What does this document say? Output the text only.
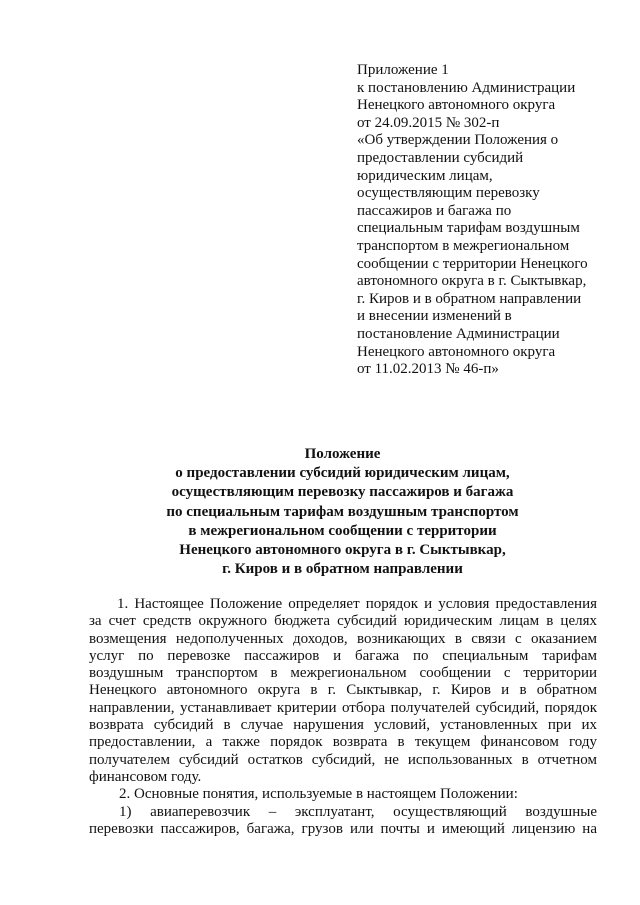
Приложение 1
к постановлению Администрации
Ненецкого автономного округа
от 24.09.2015 № 302-п
«Об утверждении Положения о
предоставлении субсидий
юридическим лицам,
осуществляющим перевозку
пассажиров и багажа по
специальным тарифам воздушным
транспортом в межрегиональном
сообщении с территории Ненецкого
автономного округа в г. Сыктывкар,
г. Киров и в обратном направлении
и внесении изменений в
постановление Администрации
Ненецкого автономного округа
от 11.02.2013 № 46-п»
Положение
о предоставлении субсидий юридическим лицам,
осуществляющим перевозку пассажиров и багажа
по специальным тарифам воздушным транспортом
в межрегиональном сообщении с территории
Ненецкого автономного округа в г. Сыктывкар,
г. Киров и в обратном направлении
1. Настоящее Положение определяет порядок и условия предоставления
за счет средств окружного бюджета субсидий юридическим лицам в целях
возмещения недополученных доходов, возникающих в связи с оказанием
услуг по перевозке пассажиров и багажа по специальным тарифам
воздушным транспортом в межрегиональном сообщении с территории
Ненецкого автономного округа в г. Сыктывкар, г. Киров и в обратном
направлении, устанавливает критерии отбора получателей субсидий, порядок
возврата субсидий в случае нарушения условий, установленных при их
предоставлении, а также порядок возврата в текущем финансовом году
получателем субсидий остатков субсидий, не использованных в отчетном
финансовом году.
2. Основные понятия, используемые в настоящем Положении:
1) авиаперевозчик – эксплуатант, осуществляющий воздушные
перевозки пассажиров, багажа, грузов или почты и имеющий лицензию на
